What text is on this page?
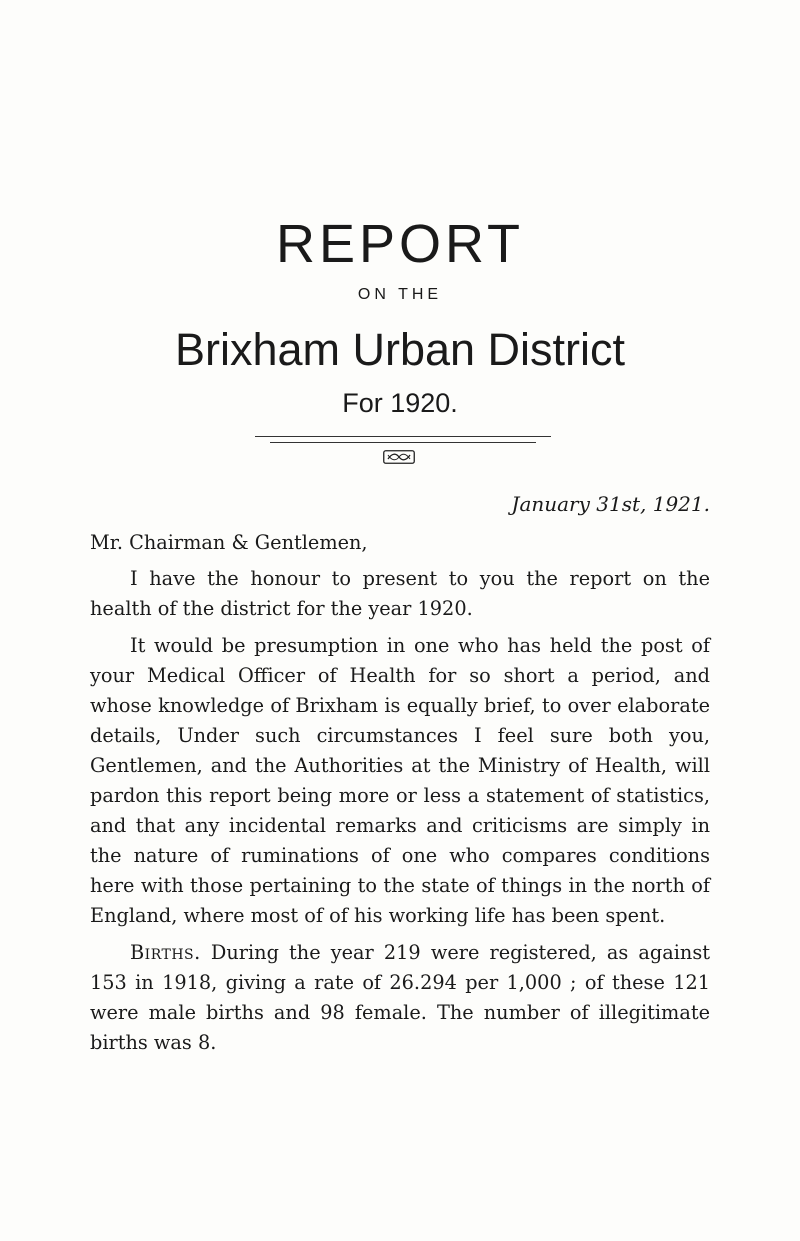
REPORT
ON THE
Brixham Urban District
For 1920.
January 31st, 1921.

Mr. Chairman & Gentlemen,

I have the honour to present to you the report on the health of the district for the year 1920.

It would be presumption in one who has held the post of your Medical Officer of Health for so short a period, and whose knowledge of Brixham is equally brief, to over elaborate details, Under such circumstances I feel sure both you, Gentlemen, and the Authorities at the Ministry of Health, will pardon this report being more or less a statement of statistics, and that any incidental remarks and criticisms are simply in the nature of ruminations of one who compares conditions here with those pertaining to the state of things in the north of England, where most of of his working life has been spent.

Births. During the year 219 were registered, as against 153 in 1918, giving a rate of 26.294 per 1,000 ; of these 121 were male births and 98 female. The number of illegitimate births was 8.
